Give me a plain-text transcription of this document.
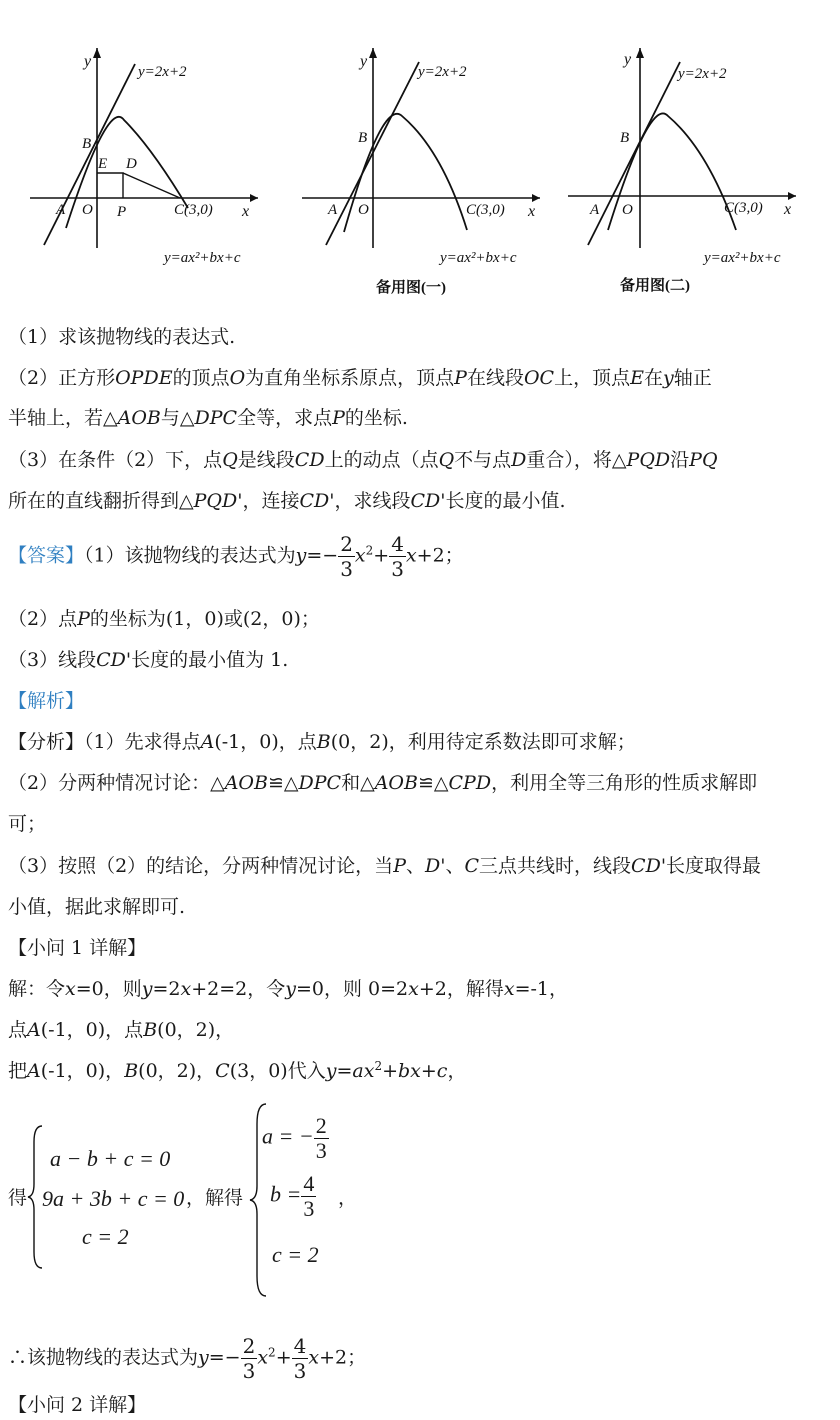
y=2x+2
y=ax²+bx+c
y
x
A O
B
C(3,0)
E D
P
y=2x+2
y=ax²+bx+c
y
x
A O
B
C(3,0)
备用图(一)
y=2x+2
y=ax²+bx+c
y
x
A O
B
C(3,0)
备用图(二)
（1）求该抛物线的表达式.
（2）正方形OPDE的顶点O为直角坐标系原点，顶点P在线段OC上，顶点E在y轴正
半轴上，若△AOB与△DPC全等，求点P的坐标.
（3）在条件（2）下，点Q是线段CD上的动点（点Q不与点D重合），将△PQD沿PQ
所在的直线翻折得到△PQD'，连接CD'，求线段CD'长度的最小值.
【答案】（1）该抛物线的表达式为$y=- \frac{2}{3} x^2+ \frac{4}{3} x+2$；
（2）点P的坐标为(1，0)或(2，0)；
（3）线段CD'长度的最小值为 1.
【解析】
【分析】（1）先求得点A(-1，0)，点B(0，2)，利用待定系数法即可求解；
（2）分两种情况讨论：△AOB≌△DPC和△AOB≌△CPD，利用全等三角形的性质求解即
可；
（3）按照（2）的结论，分两种情况讨论，当P、D'、C三点共线时，线段CD'长度取得最
小值，据此求解即可.
【小问 1 详解】
解：令x=0，则y=2x+2=2，令y=0，则 0=2x+2，解得x=-1，
点A(-1，0)，点B(0，2)，
把A(-1，0)，B(0，2)，C(3，0)代入$y=ax^2+bx+c$，
得
a − b + c = 0
9a + 3b + c = 0
c = 2
，解得
a = − $\frac{2}{3}$
$b = \frac{4}{3}$
c = 2
，
∴该抛物线的表达式为$y=- \frac{2}{3} x^2+ \frac{4}{3} x+2$；
【小问 2 详解】
